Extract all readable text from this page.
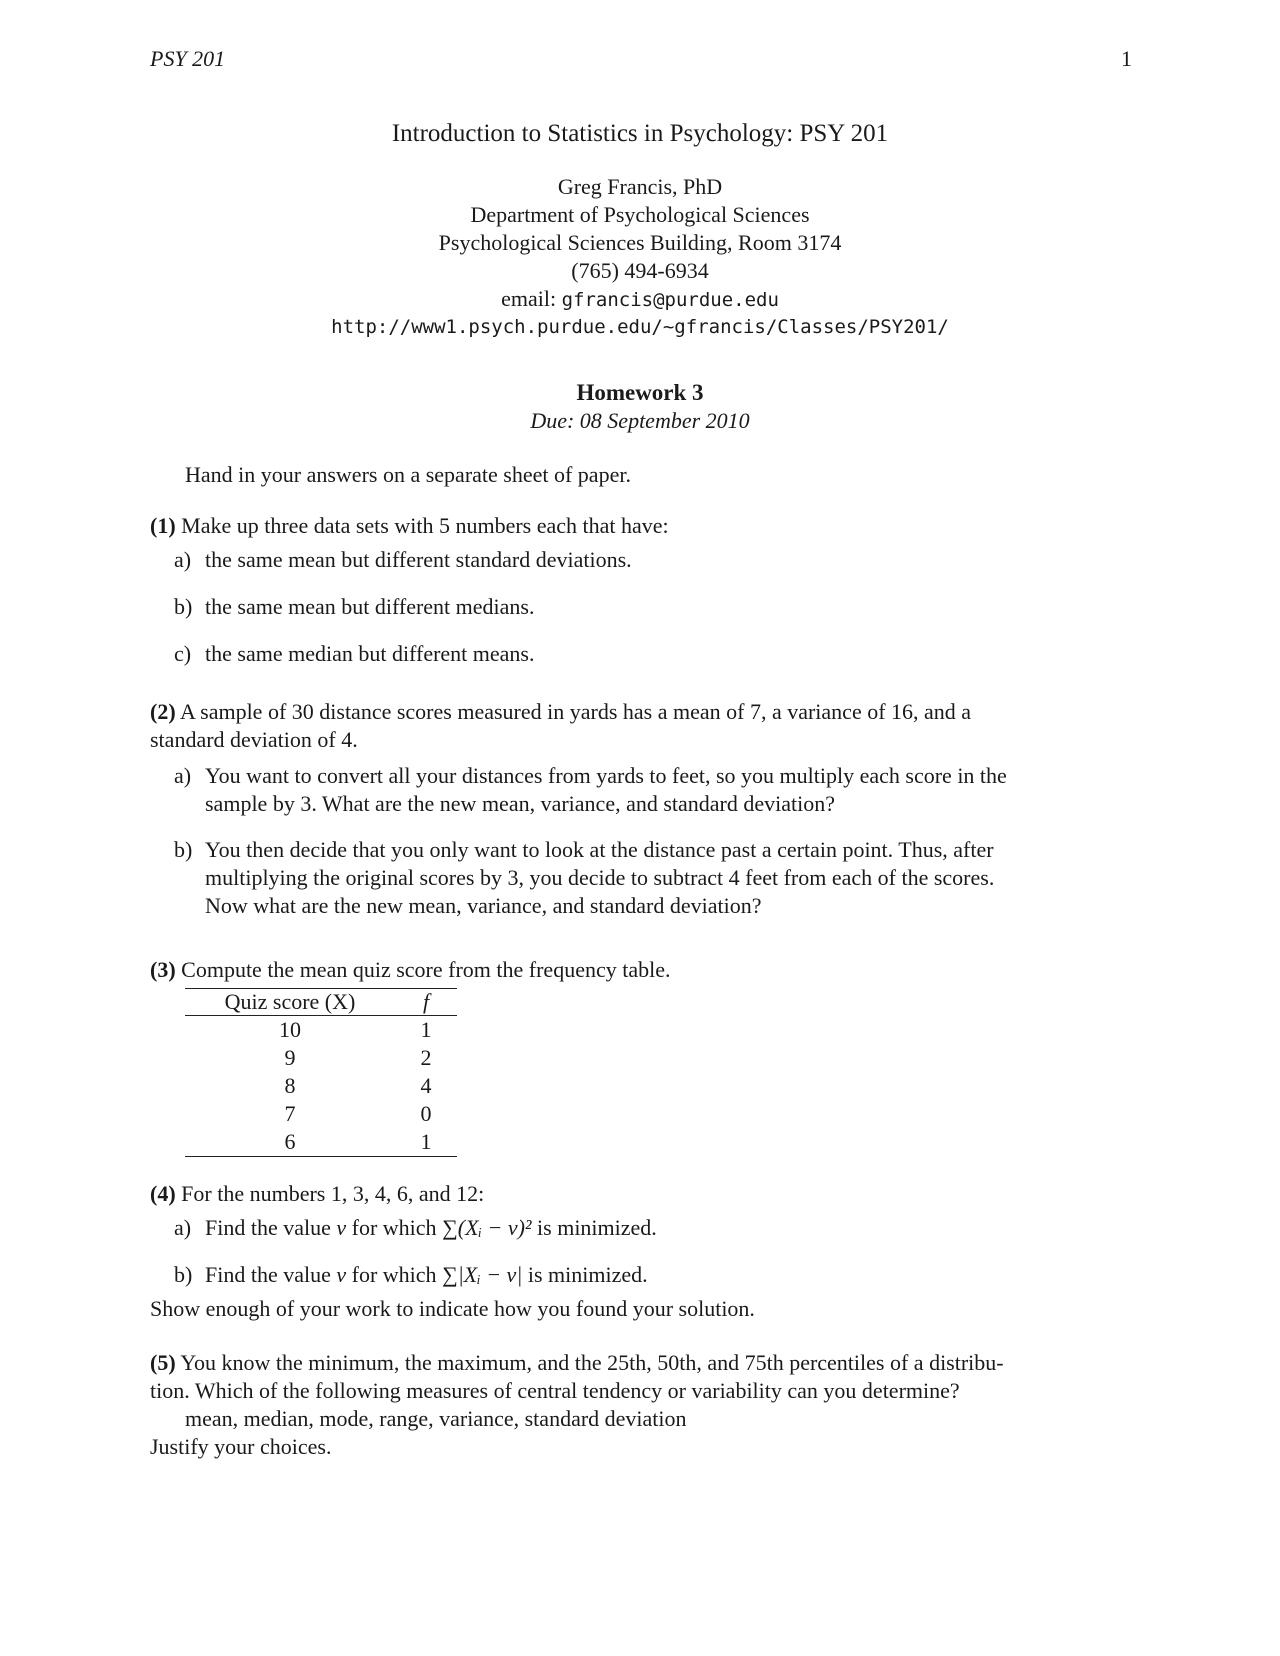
PSY 201	1
Introduction to Statistics in Psychology: PSY 201
Greg Francis, PhD
Department of Psychological Sciences
Psychological Sciences Building, Room 3174
(765) 494-6934
email: gfrancis@purdue.edu
http://www1.psych.purdue.edu/~gfrancis/Classes/PSY201/
Homework 3
Due: 08 September 2010
Hand in your answers on a separate sheet of paper.
(1) Make up three data sets with 5 numbers each that have:
a) the same mean but different standard deviations.
b) the same mean but different medians.
c) the same median but different means.
(2) A sample of 30 distance scores measured in yards has a mean of 7, a variance of 16, and a
standard deviation of 4.
a) You want to convert all your distances from yards to feet, so you multiply each score in the
sample by 3. What are the new mean, variance, and standard deviation?
b) You then decide that you only want to look at the distance past a certain point. Thus, after
multiplying the original scores by 3, you decide to subtract 4 feet from each of the scores.
Now what are the new mean, variance, and standard deviation?
(3) Compute the mean quiz score from the frequency table.
Quiz score (X)	f
10	1
9	2
8	4
7	0
6	1
(4) For the numbers 1, 3, 4, 6, and 12:
a) Find the value v for which ∑(Xᵢ − v)² is minimized.
b) Find the value v for which ∑|Xᵢ − v| is minimized.
Show enough of your work to indicate how you found your solution.
(5) You know the minimum, the maximum, and the 25th, 50th, and 75th percentiles of a distribu-
tion. Which of the following measures of central tendency or variability can you determine?
mean, median, mode, range, variance, standard deviation
Justify your choices.
